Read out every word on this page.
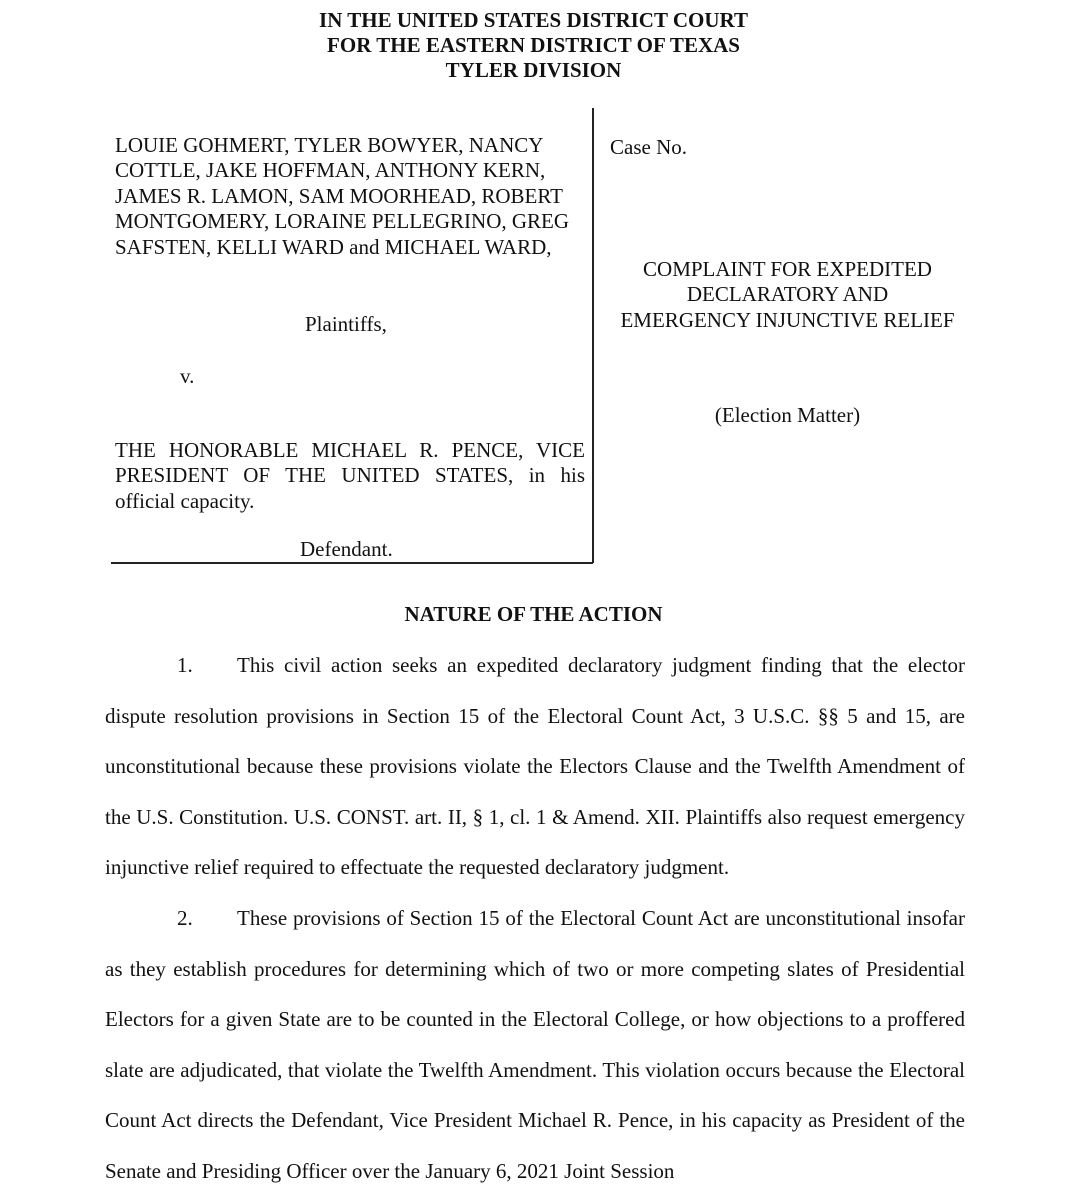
IN THE UNITED STATES DISTRICT COURT
FOR THE EASTERN DISTRICT OF TEXAS
TYLER DIVISION
LOUIE GOHMERT, TYLER BOWYER, NANCY COTTLE, JAKE HOFFMAN, ANTHONY KERN, JAMES R. LAMON, SAM MOORHEAD, ROBERT MONTGOMERY, LORAINE PELLEGRINO, GREG SAFSTEN, KELLI WARD and MICHAEL WARD,
Plaintiffs,
v.
THE HONORABLE MICHAEL R. PENCE, VICE PRESIDENT OF THE UNITED STATES, in his official capacity.
Defendant.
Case No.
COMPLAINT FOR EXPEDITED
DECLARATORY AND
EMERGENCY INJUNCTIVE RELIEF
(Election Matter)
NATURE OF THE ACTION
1. This civil action seeks an expedited declaratory judgment finding that the elector dispute resolution provisions in Section 15 of the Electoral Count Act, 3 U.S.C. §§ 5 and 15, are unconstitutional because these provisions violate the Electors Clause and the Twelfth Amendment of the U.S. Constitution. U.S. CONST. art. II, § 1, cl. 1 & Amend. XII. Plaintiffs also request emergency injunctive relief required to effectuate the requested declaratory judgment.
2. These provisions of Section 15 of the Electoral Count Act are unconstitutional insofar as they establish procedures for determining which of two or more competing slates of Presidential Electors for a given State are to be counted in the Electoral College, or how objections to a proffered slate are adjudicated, that violate the Twelfth Amendment. This violation occurs because the Electoral Count Act directs the Defendant, Vice President Michael R. Pence, in his capacity as President of the Senate and Presiding Officer over the January 6, 2021 Joint Session
